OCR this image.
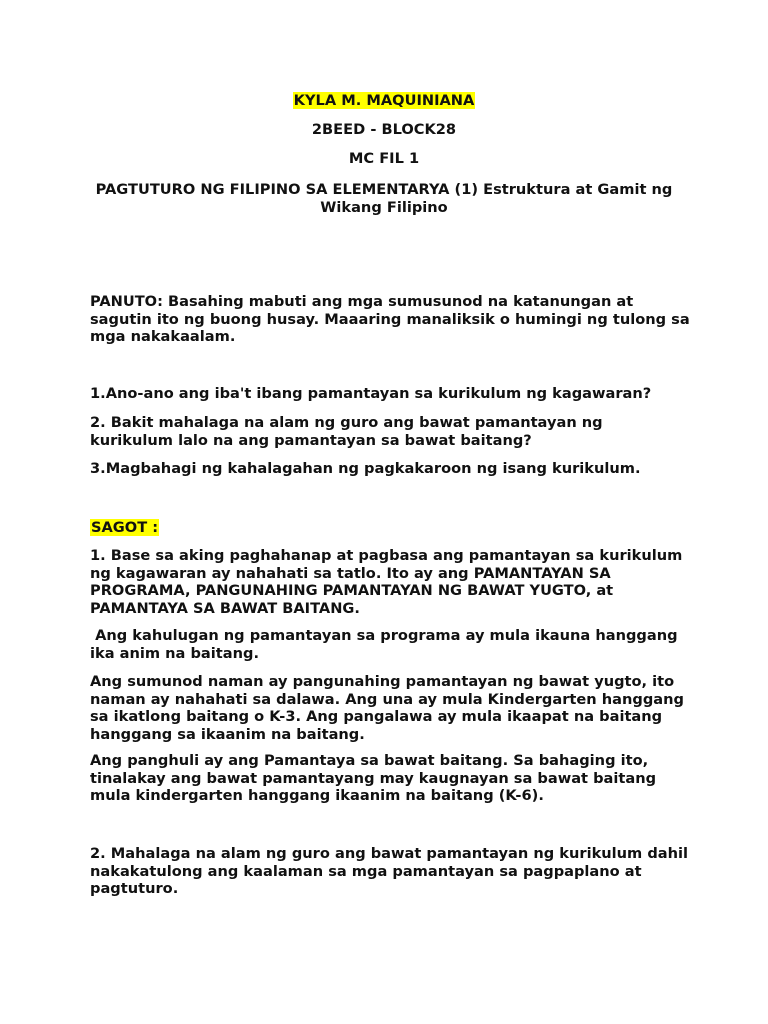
KYLA M. MAQUINIANA

2BEED - BLOCK28

MC FIL 1

PAGTUTURO NG FILIPINO SA ELEMENTARYA (1) Estruktura at Gamit ng Wikang Filipino

PANUTO: Basahing mabuti ang mga sumusunod na katanungan at sagutin ito ng buong husay. Maaaring manaliksik o humingi ng tulong sa mga nakakaalam.

1.Ano-ano ang iba't ibang pamantayan sa kurikulum ng kagawaran?

2. Bakit mahalaga na alam ng guro ang bawat pamantayan ng kurikulum lalo na ang pamantayan sa bawat baitang?

3.Magbahagi ng kahalagahan ng pagkakaroon ng isang kurikulum.

SAGOT :

1. Base sa aking paghahanap at pagbasa ang pamantayan sa kurikulum ng kagawaran ay nahahati sa tatlo. Ito ay ang PAMANTAYAN SA PROGRAMA, PANGUNAHING PAMANTAYAN NG BAWAT YUGTO, at PAMANTAYA SA BAWAT BAITANG.

Ang kahulugan ng pamantayan sa programa ay mula ikauna hanggang ika anim na baitang.

Ang sumunod naman ay pangunahing pamantayan ng bawat yugto, ito naman ay nahahati sa dalawa. Ang una ay mula Kindergarten hanggang sa ikatlong baitang o K-3. Ang pangalawa ay mula ikaapat na baitang hanggang sa ikaanim na baitang.

Ang panghuli ay ang Pamantaya sa bawat baitang. Sa bahaging ito, tinalakay ang bawat pamantayang may kaugnayan sa bawat baitang mula kindergarten hanggang ikaanim na baitang (K-6).

2. Mahalaga na alam ng guro ang bawat pamantayan ng kurikulum dahil nakakatulong ang kaalaman sa mga pamantayan sa pagpaplano at pagtuturo.
